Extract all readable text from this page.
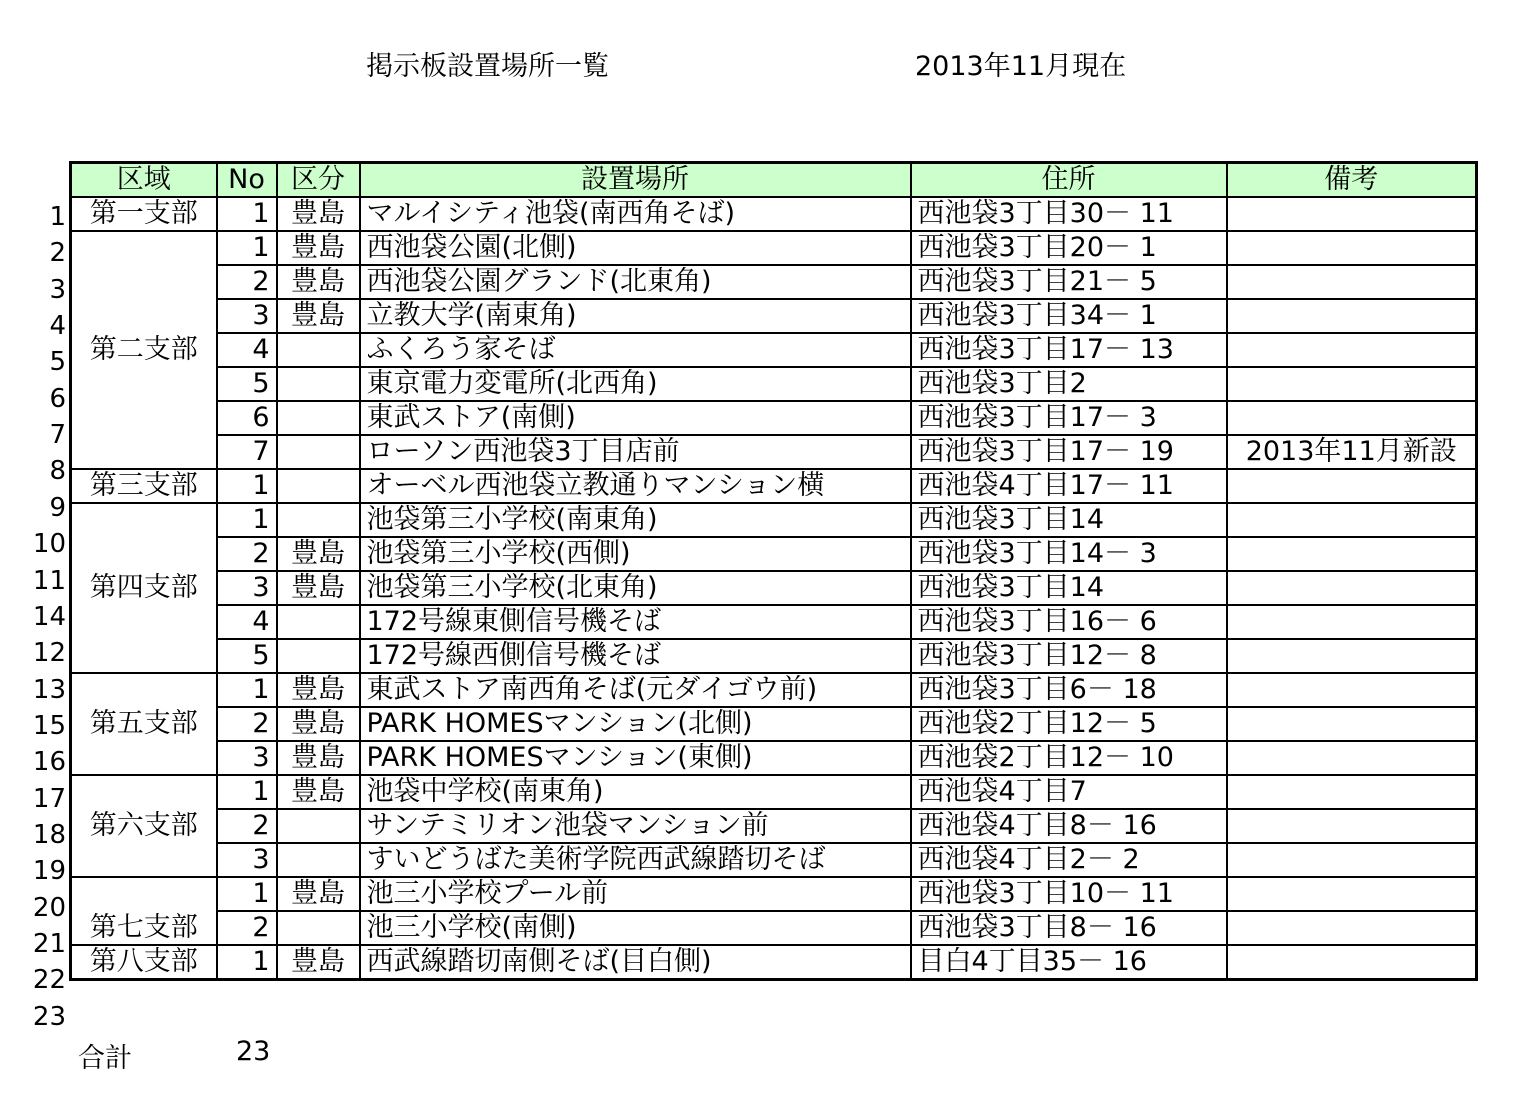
掲示板設置場所一覧	2013年11月現在
1
2
3
4
5
6
7
8
9
10
11
14
12
13
15
16
17
18
19
20
21
22
23
区域	No	区分	設置場所	住所	備考
第一支部	1	豊島	マルイシティ池袋(南西角そば)	西池袋3丁目30－ 11	
第二支部	1	豊島	西池袋公園(北側)	西池袋3丁目20－ 1	
	2	豊島	西池袋公園グランド(北東角)	西池袋3丁目21－ 5	
	3	豊島	立教大学(南東角)	西池袋3丁目34－ 1	
	4		ふくろう家そば	西池袋3丁目17－ 13	
	5		東京電力変電所(北西角)	西池袋3丁目2	
	6		東武ストア(南側)	西池袋3丁目17－ 3	
	7		ローソン西池袋3丁目店前	西池袋3丁目17－ 19	2013年11月新設
第三支部	1		オーベル西池袋立教通りマンション横	西池袋4丁目17－ 11	
第四支部	1		池袋第三小学校(南東角)	西池袋3丁目14	
	2	豊島	池袋第三小学校(西側)	西池袋3丁目14－ 3	
	3	豊島	池袋第三小学校(北東角)	西池袋3丁目14	
	4		172号線東側信号機そば	西池袋3丁目16－ 6	
	5		172号線西側信号機そば	西池袋3丁目12－ 8	
第五支部	1	豊島	東武ストア南西角そば(元ダイゴウ前)	西池袋3丁目6－ 18	
	2	豊島	PARK HOMESマンション(北側)	西池袋2丁目12－ 5	
	3	豊島	PARK HOMESマンション(東側)	西池袋2丁目12－ 10	
第六支部	1	豊島	池袋中学校(南東角)	西池袋4丁目7	
	2		サンテミリオン池袋マンション前	西池袋4丁目8－ 16	
	3		すいどうばた美術学院西武線踏切そば	西池袋4丁目2－ 2	
第七支部	1	豊島	池三小学校プール前	西池袋3丁目10－ 11	
	2		池三小学校(南側)	西池袋3丁目8－ 16	
第八支部	1	豊島	西武線踏切南側そば(目白側)	目白4丁目35－ 16	
合計	23
